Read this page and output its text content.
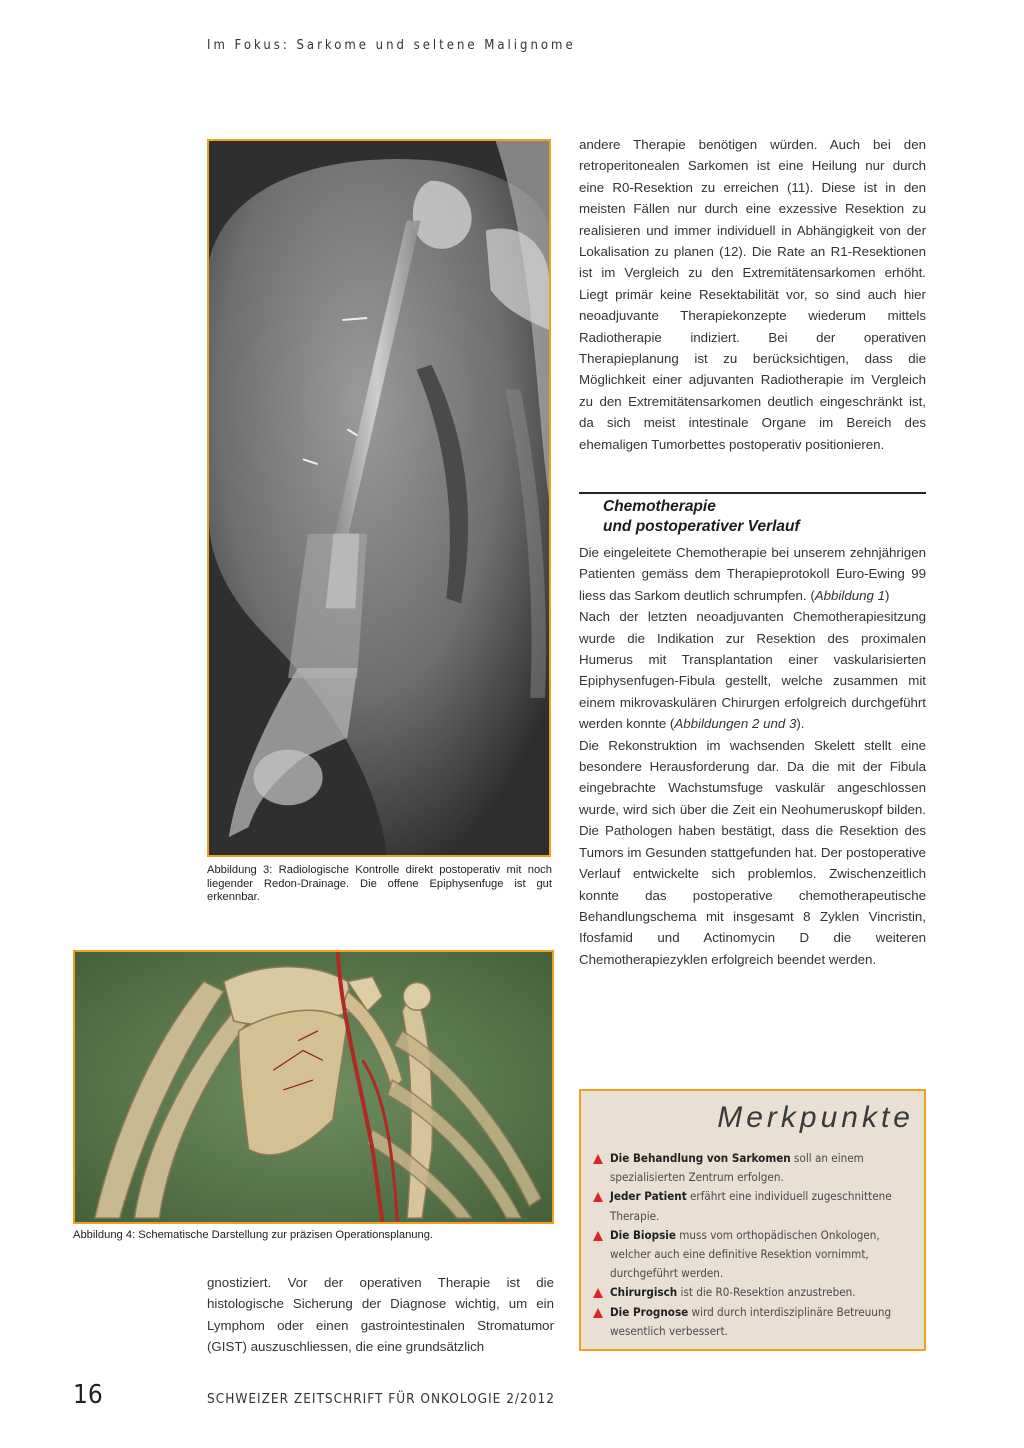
Im Fokus: Sarkome und seltene Malignome
Abbildung 3: Radiologische Kontrolle direkt postoperativ mit noch liegender Redon-Drainage. Die offene Epiphysenfuge ist gut erkennbar.
Abbildung 4: Schematische Darstellung zur präzisen Operationsplanung.

gnostiziert. Vor der operativen Therapie ist die histologische Sicherung der Diagnose wichtig, um ein Lymphom oder einen gastrointestinalen Stromatumor (GIST) auszuschliessen, die eine grundsätzlich

andere Therapie benötigen würden. Auch bei den retroperitonealen Sarkomen ist eine Heilung nur durch eine R0-Resektion zu erreichen (11). Diese ist in den meisten Fällen nur durch eine exzessive Resektion zu realisieren und immer individuell in Abhängigkeit von der Lokalisation zu planen (12). Die Rate an R1-Resektionen ist im Vergleich zu den Extremitätensarkomen erhöht. Liegt primär keine Resektabilität vor, so sind auch hier neoadjuvante Therapiekonzepte wiederum mittels Radiotherapie indiziert. Bei der operativen Therapieplanung ist zu berücksichtigen, dass die Möglichkeit einer adjuvanten Radiotherapie im Vergleich zu den Extremitätensarkomen deutlich eingeschränkt ist, da sich meist intestinale Organe im Bereich des ehemaligen Tumorbettes postoperativ positionieren.

Chemotherapie
und postoperativer Verlauf

Die eingeleitete Chemotherapie bei unserem zehnjährigen Patienten gemäss dem Therapieprotokoll Euro-Ewing 99 liess das Sarkom deutlich schrumpfen. (Abbildung 1)

Nach der letzten neoadjuvanten Chemotherapiesitzung wurde die Indikation zur Resektion des proximalen Humerus mit Transplantation einer vaskularisierten Epiphysenfugen-Fibula gestellt, welche zusammen mit einem mikrovaskulären Chirurgen erfolgreich durchgeführt werden konnte (Abbildungen 2 und 3).

Die Rekonstruktion im wachsenden Skelett stellt eine besondere Herausforderung dar. Da die mit der Fibula eingebrachte Wachstumsfuge vaskulär angeschlossen wurde, wird sich über die Zeit ein Neohumeruskopf bilden. Die Pathologen haben bestätigt, dass die Resektion des Tumors im Gesunden stattgefunden hat. Der postoperative Verlauf entwickelte sich problemlos. Zwischenzeitlich konnte das postoperative chemotherapeutische Behandlungschema mit insgesamt 8 Zyklen Vincristin, Ifosfamid und Actinomycin D die weiteren Chemotherapiezyklen erfolgreich beendet werden.

Merkpunkte
Die Behandlung von Sarkomen soll an einem spezialisierten Zentrum erfolgen.
Jeder Patient erfährt eine individuell zugeschnittene Therapie.
Die Biopsie muss vom orthopädischen Onkologen, welcher auch eine definitive Resektion vornimmt, durchgeführt werden.
Chirurgisch ist die R0-Resektion anzustreben.
Die Prognose wird durch interdisziplinäre Betreuung wesentlich verbessert.
16	SCHWEIZER ZEITSCHRIFT FÜR ONKOLOGIE 2/2012
